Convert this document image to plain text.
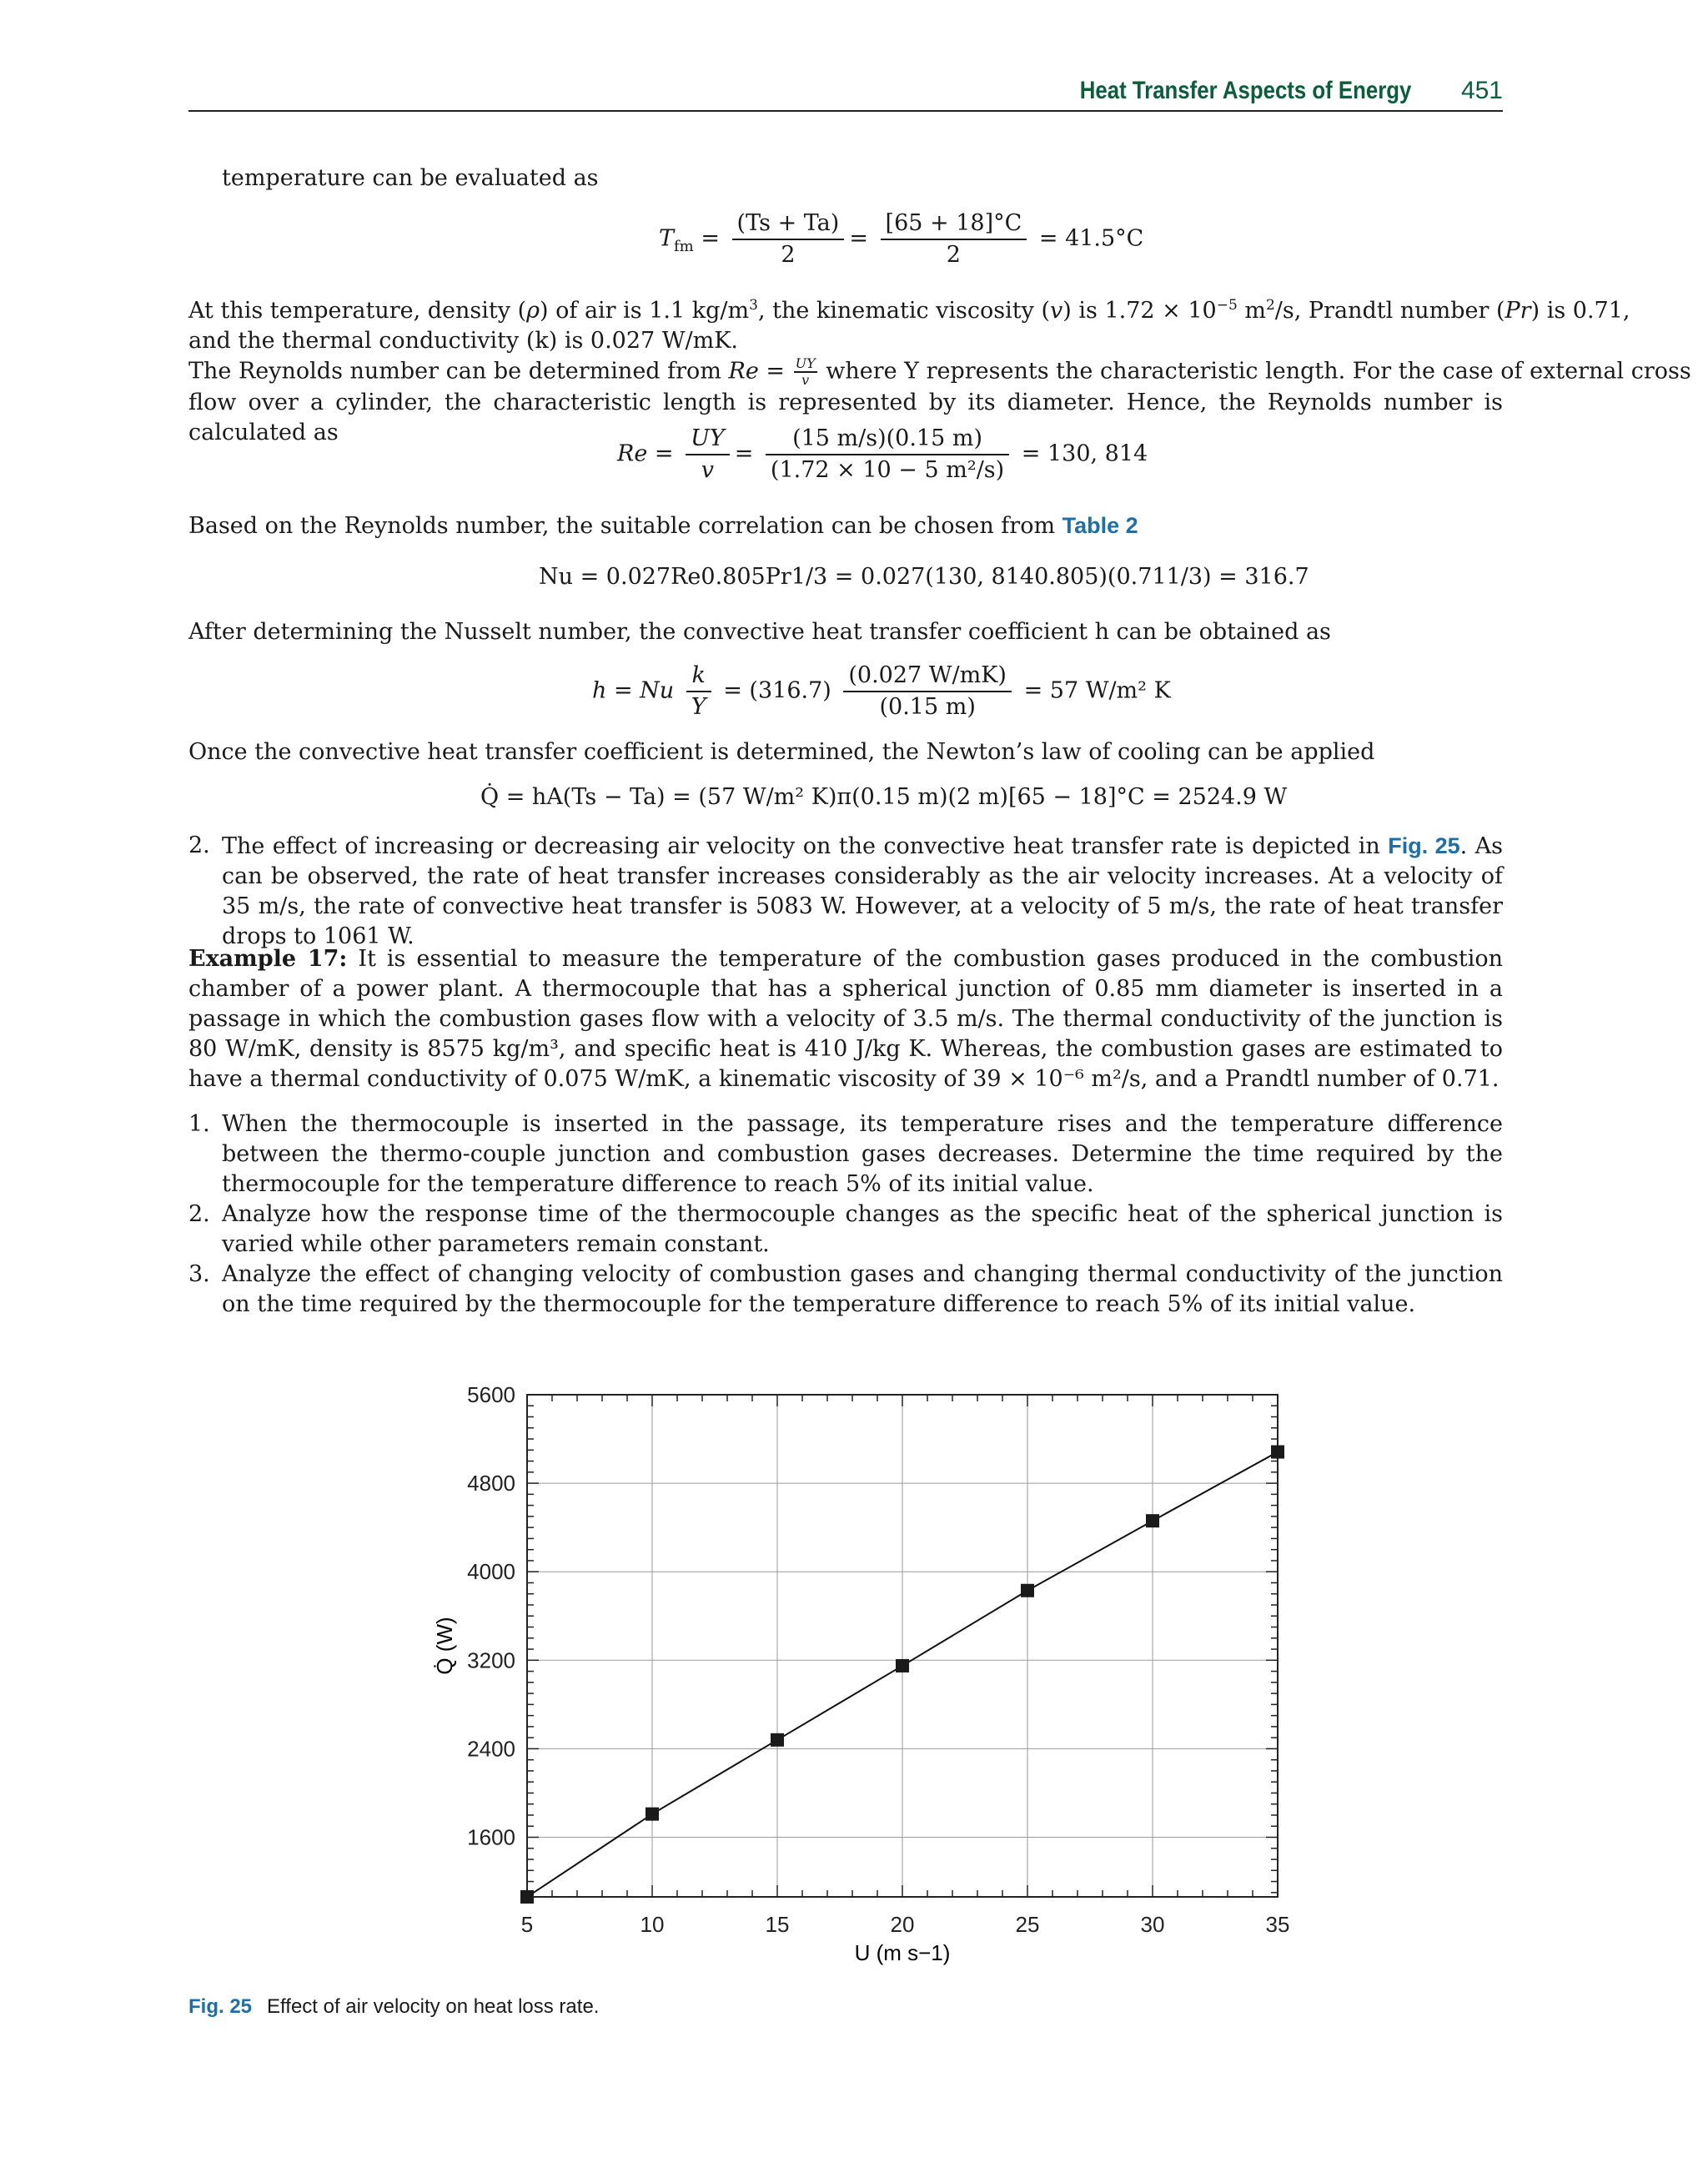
Heat Transfer Aspects of Energy 451
temperature can be evaluated as
$T_{fm} = \frac{(Ts + Ta)}{2} = \frac{[65 + 18]^\circ C}{2} = 41.5^\circ C$
At this temperature, density (ρ) of air is 1.1 $kg/m^3$, the kinematic viscosity (v) is $1.72 \times 10^{-5}$ $m^2/s$, Prandtl number (Pr) is 0.71,
and the thermal conductivity (k) is 0.027 W/mK.
The Reynolds number can be determined from $Re = \frac{UY}{v}$ where Y represents the characteristic length. For the case of external cross
flow over a cylinder, the characteristic length is represented by its diameter. Hence, the Reynolds number is calculated as
$Re = \frac{UY}{v} = \frac{(15 m/s)(0.15 m)}{\text{(1.72 × 10 − 5 m²/s)}} = 130$, 814
Based on the Reynolds number, the suitable correlation can be chosen from Table 2
Nu = 0.027Re0.805Pr1/3 = 0.027(130, 8140.805)(0.711/3) = 316.7
After determining the Nusselt number, the convective heat transfer coefficient h can be obtained as
h = Nu $\frac{k}{Y} = (316.7) \frac{(0.027 W/mK)}{(0.15 m)} = 57$ W/m² K
Once the convective heat transfer coefficient is determined, the Newton’s law of cooling can be applied
Q̇ = hA(Ts − Ta) = (57 W/m² K)π(0.15 m)(2 m)[65 − 18]°C = 2524.9 W
2. The effect of increasing or decreasing air velocity on the convective heat transfer rate is depicted in Fig. 25. As can be observed, the rate of heat transfer increases considerably as the air velocity increases. At a velocity of 35 m/s, the rate of convective heat transfer is 5083 W. However, at a velocity of 5 m/s, the rate of heat transfer drops to 1061 W.
Example 17: It is essential to measure the temperature of the combustion gases produced in the combustion chamber of a power plant. A thermocouple that has a spherical junction of 0.85 mm diameter is inserted in a passage in which the combustion gases flow with a velocity of 3.5 m/s. The thermal conductivity of the junction is 80 W/mK, density is 8575 kg/m³, and specific heat is 410 J/kg K. Whereas, the combustion gases are estimated to have a thermal conductivity of 0.075 W/mK, a kinematic viscosity of 39 × 10⁻⁶ m²/s, and a Prandtl number of 0.71.
1. When the thermocouple is inserted in the passage, its temperature rises and the temperature difference between the thermo-couple junction and combustion gases decreases. Determine the time required by the thermocouple for the temperature difference to reach 5% of its initial value.
2. Analyze how the response time of the thermocouple changes as the specific heat of the spherical junction is varied while other parameters remain constant.
3. Analyze the effect of changing velocity of combustion gases and changing thermal conductivity of the junction on the time required by the thermocouple for the temperature difference to reach 5% of its initial value.
5	10	15	20	25	30	35
1600
2400
3200
4000
4800
5600
U (m s−1)
Q̇ (W)
Fig. 25 Effect of air velocity on heat loss rate.
